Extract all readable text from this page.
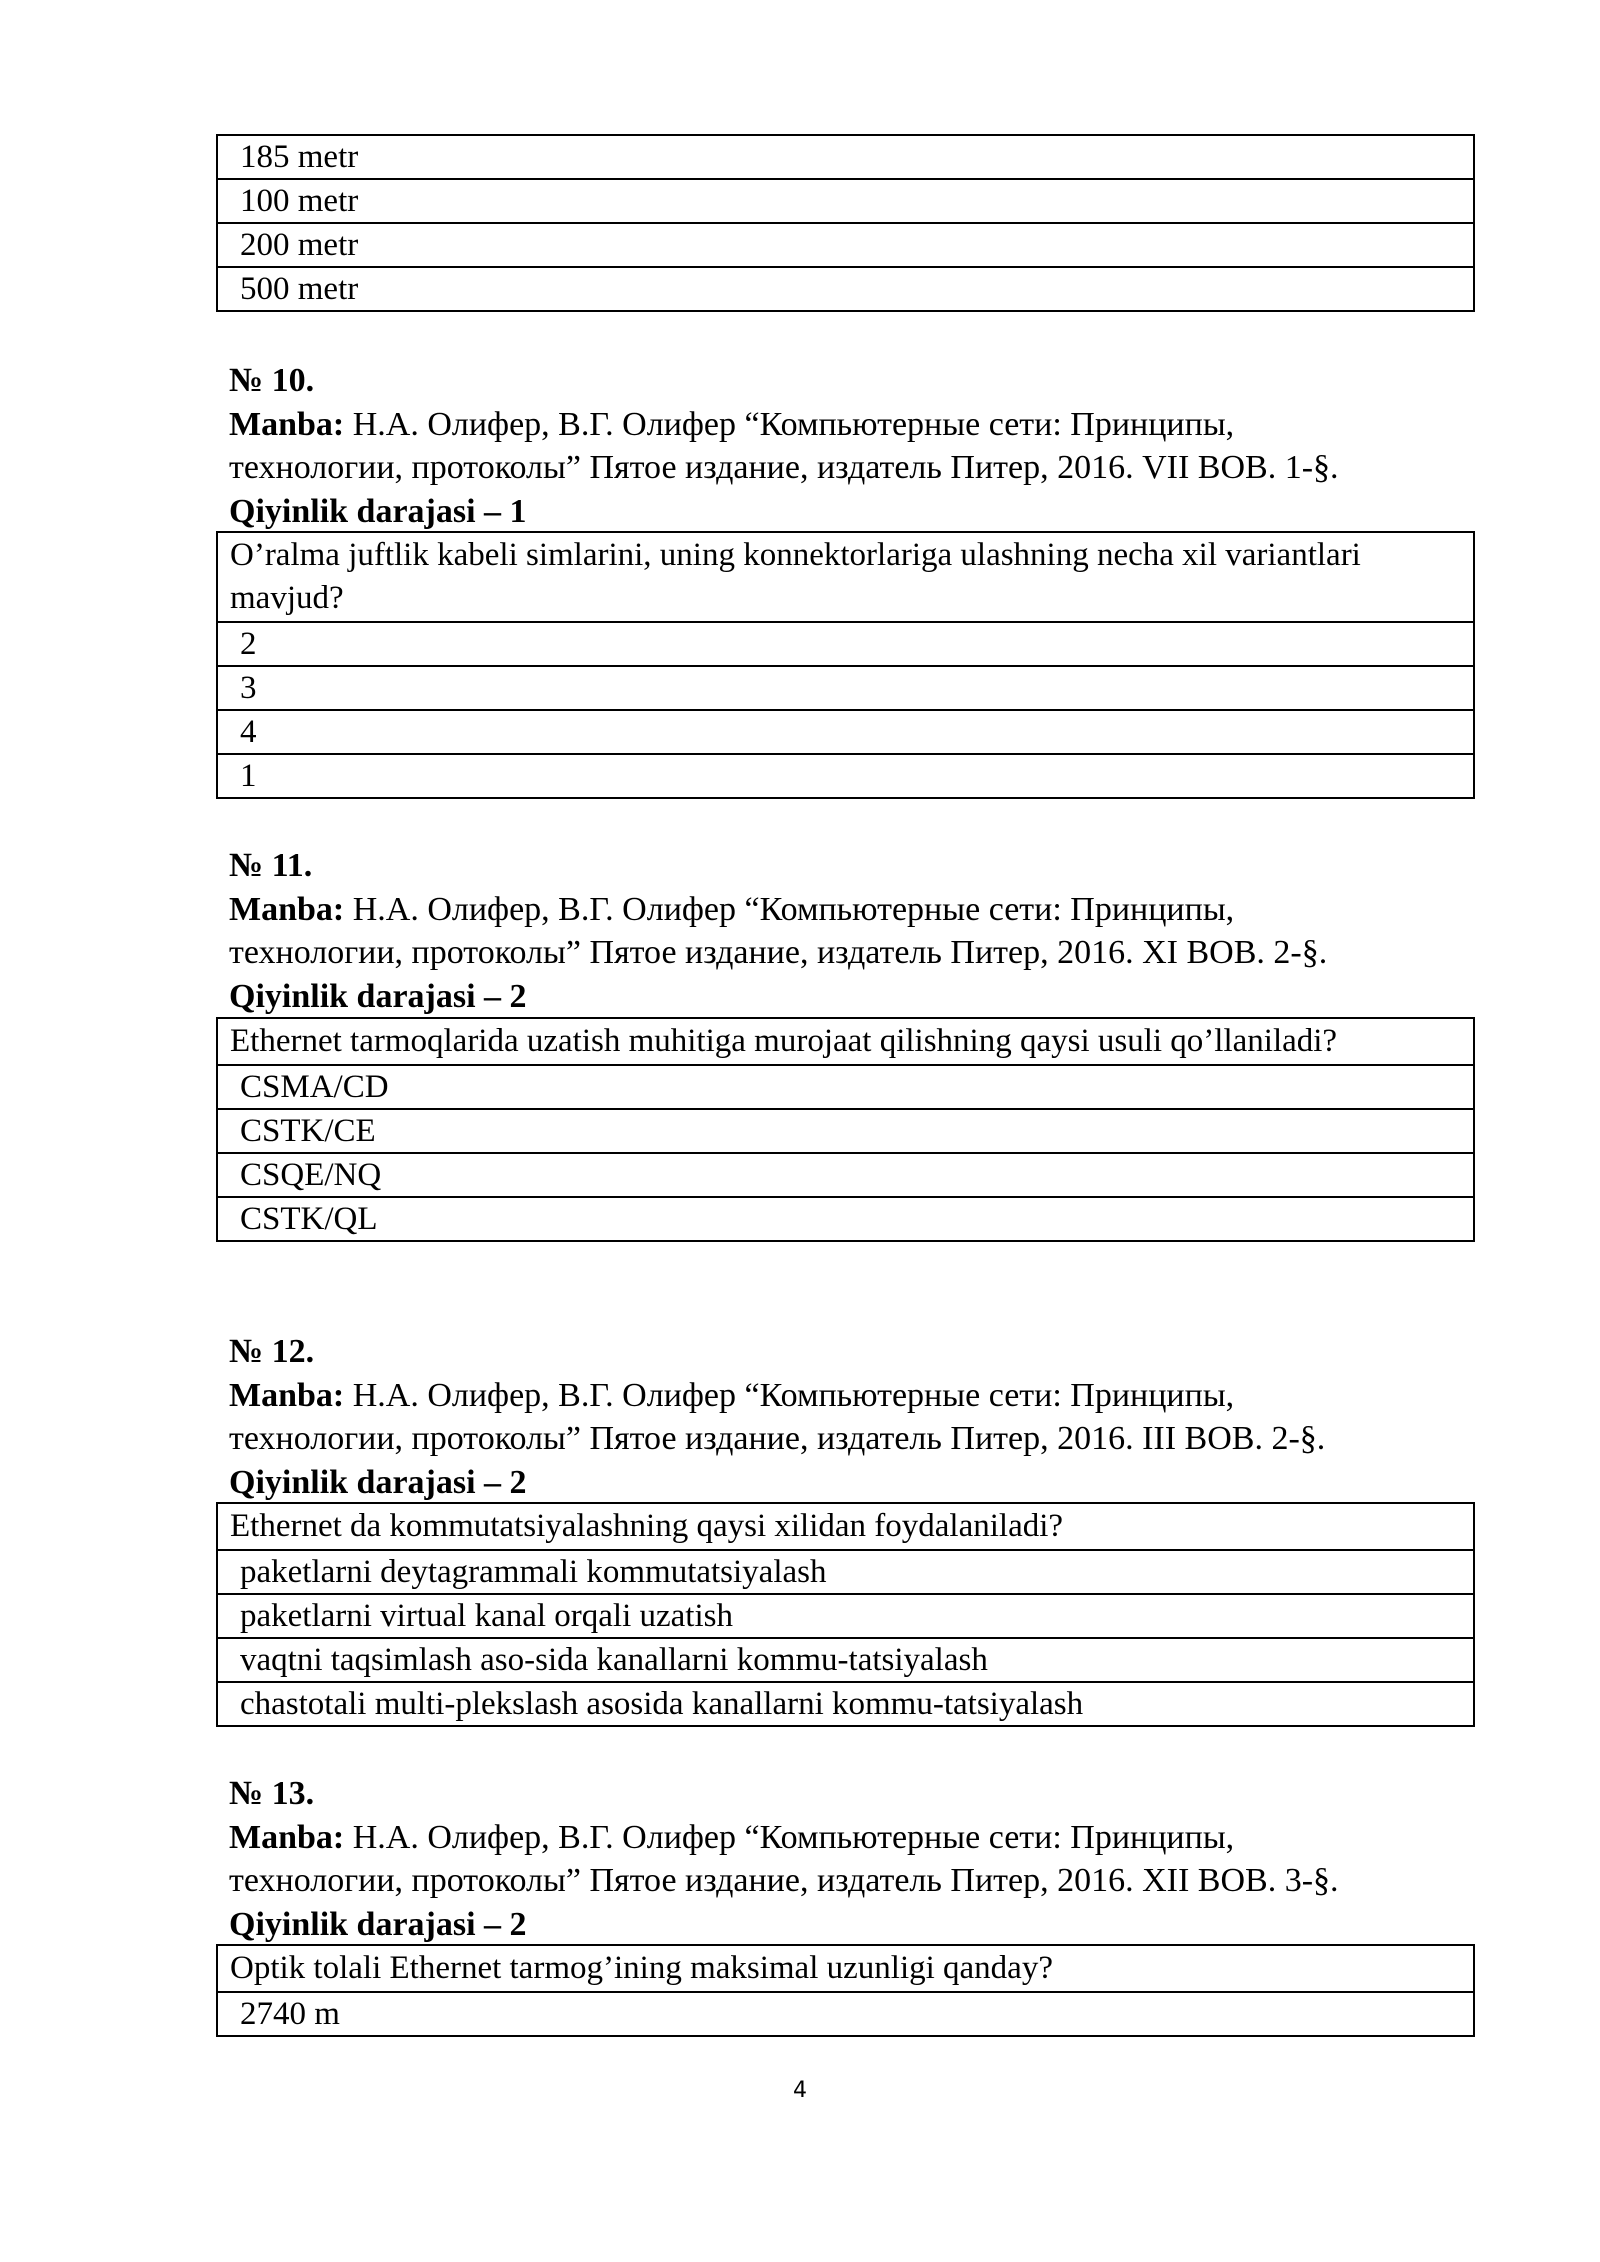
185 metr
100 metr
200 metr
500 metr
№ 10.
Manba: Н.А. Олифер, В.Г. Олифер “Компьютерные сети: Принципы,
технологии, протоколы” Пятое издание, издатель Питер, 2016. VII BOB. 1-§.
Qiyinlik darajasi – 1
O’ralma juftlik kabeli simlarini, uning konnektorlariga ulashning necha xil variantlari mavjud?
2
3
4
1
№ 11.
Manba: Н.А. Олифер, В.Г. Олифер “Компьютерные сети: Принципы,
технологии, протоколы” Пятое издание, издатель Питер, 2016. XI BOB. 2-§.
Qiyinlik darajasi – 2
Ethernet tarmoqlarida uzatish muhitiga murojaat qilishning qaysi usuli qo’llaniladi?
CSMA/CD
CSTK/CE
CSQE/NQ
CSTK/QL
№ 12.
Manba: Н.А. Олифер, В.Г. Олифер “Компьютерные сети: Принципы,
технологии, протоколы” Пятое издание, издатель Питер, 2016. III BOB. 2-§.
Qiyinlik darajasi – 2
Ethernet da kommutatsiyalashning qaysi xilidan foydalaniladi?
paketlarni deytagrammali kommutatsiyalash
paketlarni virtual kanal orqali uzatish
vaqtni taqsimlash aso-sida kanallarni kommu-tatsiyalash
chastotali multi-plekslash asosida kanallarni kommu-tatsiyalash
№ 13.
Manba: Н.А. Олифер, В.Г. Олифер “Компьютерные сети: Принципы,
технологии, протоколы” Пятое издание, издатель Питер, 2016. XII BOB. 3-§.
Qiyinlik darajasi – 2
Optik tolali Ethernet tarmog’ining maksimal uzunligi qanday?
2740 m
4
